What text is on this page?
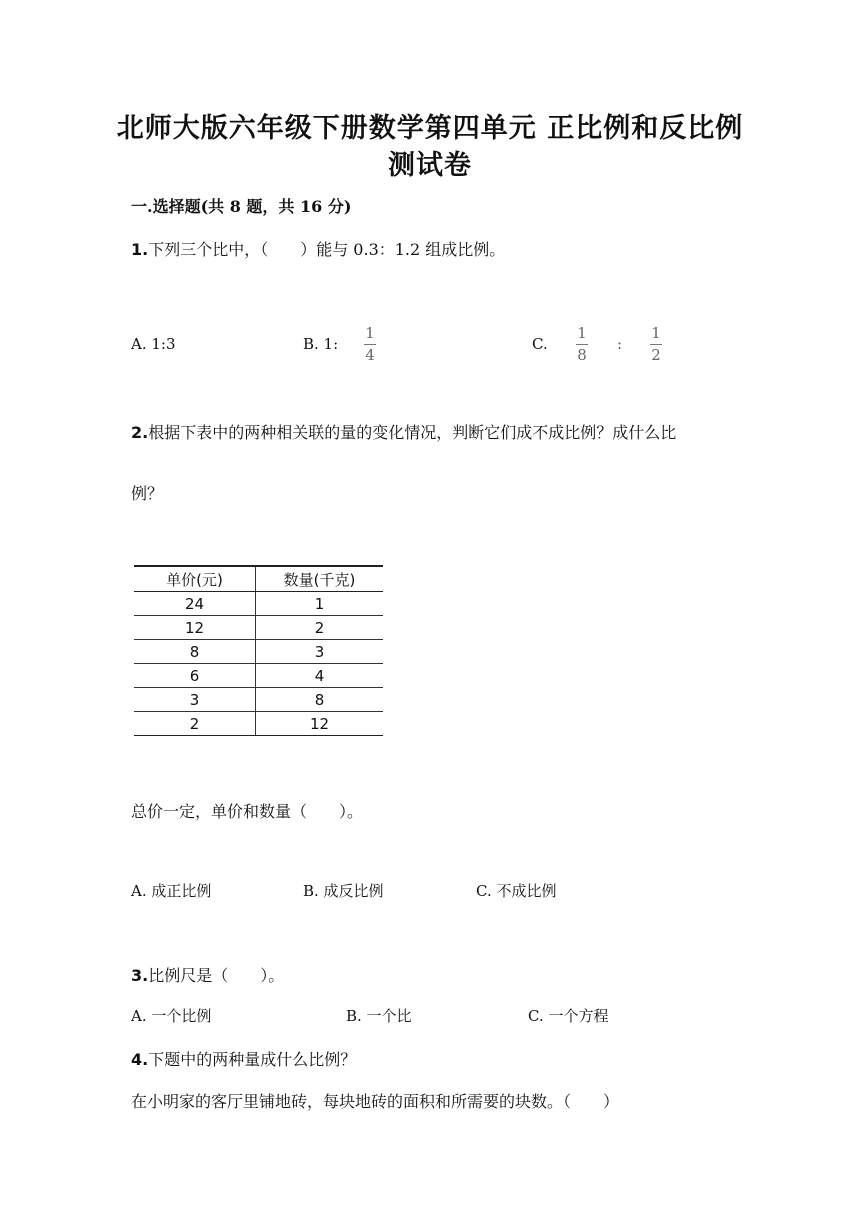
北师大版六年级下册数学第四单元 正比例和反比例
测试卷
一.选择题(共 8 题，共 16 分)
1.下列三个比中，（　　）能与 0.3：1.2 组成比例。
A. 1:3	B. 1:
1
4
C.
1
8
:
1
2
2.根据下表中的两种相关联的量的变化情况，判断它们成不成比例？成什么比
例？
单价(元)	数量(千克)
24	1
12	2
8	3
6	4
3	8
2	12
总价一定，单价和数量（　　）。
A. 成正比例	B. 成反比例	C. 不成比例
3.比例尺是（　　）。
A. 一个比例	B. 一个比	C. 一个方程
4.下题中的两种量成什么比例？
在小明家的客厅里铺地砖，每块地砖的面积和所需要的块数。（　　）
